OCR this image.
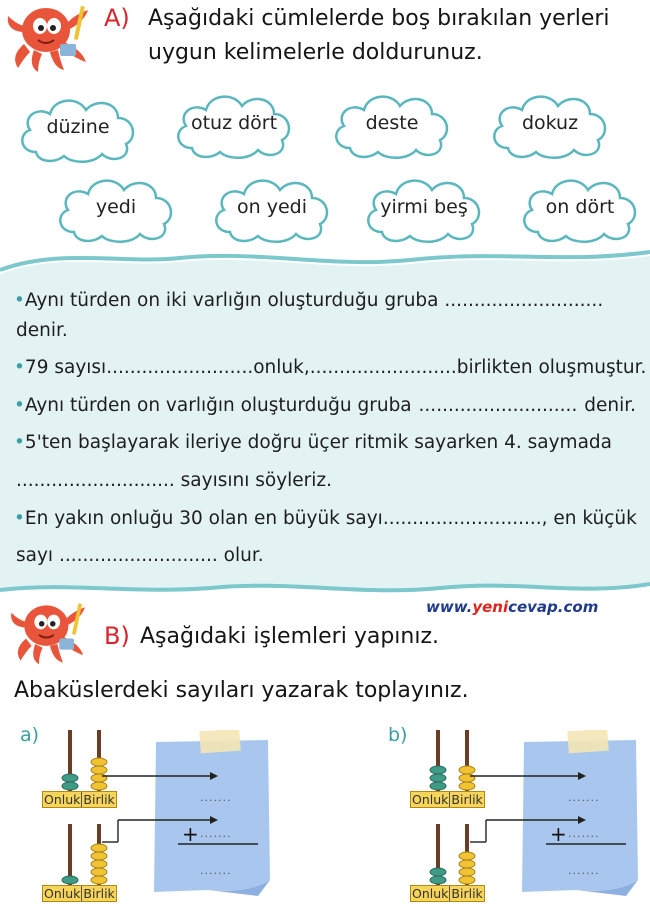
A) Aşağıdaki cümlelerde boş bırakılan yerleri
uygun kelimelerle doldurunuz.
düzine	otuz dört	deste	dokuz
yedi	on yedi	yirmi beş	on dört
•Aynı türden on iki varlığın oluşturduğu gruba ...........................
denir.
•79 sayısı ......................... onluk, ......................... birlikten oluşmuştur.
•Aynı türden on varlığın oluşturduğu gruba ........................... denir.
•5'ten başlayarak ileriye doğru üçer ritmik sayarken 4. saymada
........................... sayısını söyleriz.
•En yakın onluğu 30 olan en büyük sayı ..........................., en küçük
sayı ........................... olur.
www.yenicevap.com
B) Aşağıdaki işlemleri yapınız.
Abaküslerdeki sayıları yazarak toplayınız.
a)
Onluk Birlik
Onluk Birlik
.......
.......
.......
+
b)
Onluk Birlik
Onluk Birlik
.......
.......
.......
+
